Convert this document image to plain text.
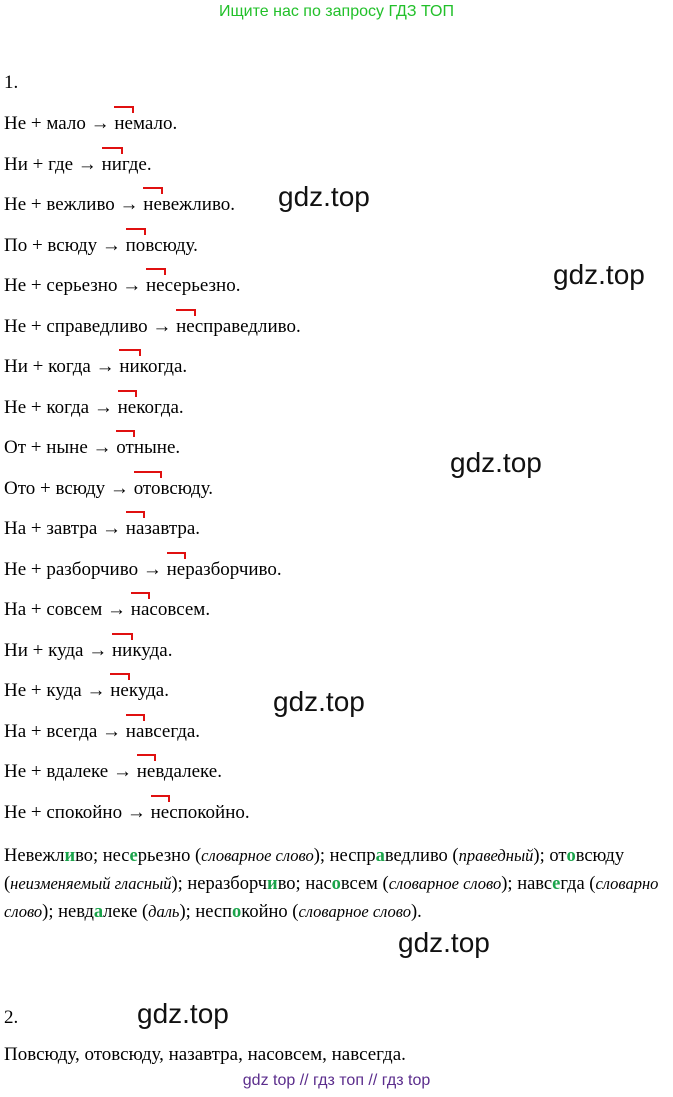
Ищите нас по запросу ГДЗ ТОП
1.
Не + мало → немало.
Ни + где → нигде.
Не + вежливо → невежливо.
По + всюду → повсюду.
Не + серьезно → несерьезно.
Не + справедливо → несправедливо.
Ни + когда → никогда.
Не + когда → некогда.
От + ныне → отныне.
Ото + всюду → отовсюду.
На + завтра → назавтра.
Не + разборчиво → неразборчиво.
На + совсем → насовсем.
Ни + куда → никуда.
Не + куда → некуда.
На + всегда → навсегда.
Не + вдалеке → невдалеке.
Не + спокойно → неспокойно.
Невежливо; несерьезно (словарное слово); несправедливо (праведный); отовсюду (неизменяемый гласный); неразборчиво; насовсем (словарное слово); навсегда (словарно слово); невдалеке (даль); неспокойно (словарное слово).
2.
Повсюду, отовсюду, назавтра, насовсем, навсегда.
gdz.top
gdz.top
gdz.top
gdz.top
gdz.top
gdz.top
gdz top // гдз топ // гдз top
